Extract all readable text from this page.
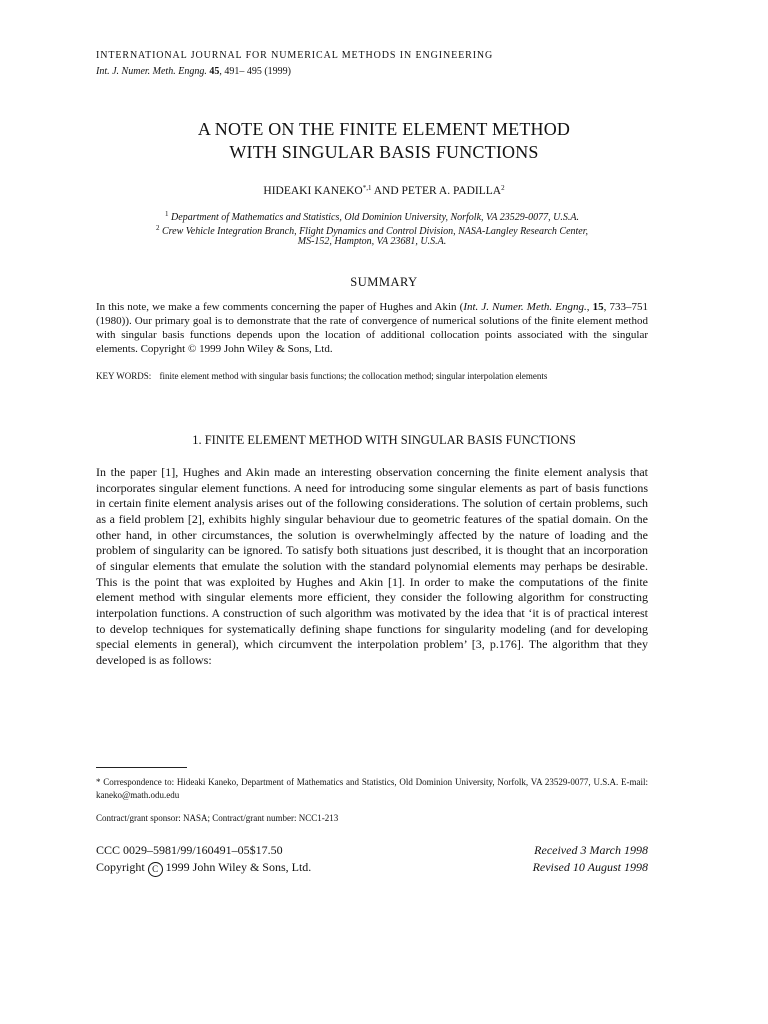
INTERNATIONAL JOURNAL FOR NUMERICAL METHODS IN ENGINEERING
Int. J. Numer. Meth. Engng. 45, 491– 495 (1999)
A NOTE ON THE FINITE ELEMENT METHOD
WITH SINGULAR BASIS FUNCTIONS
HIDEAKI $KANEKO^{*,1}$ AND PETER A. PADILLA$^2$
$^1$ Department of Mathematics and Statistics, Old Dominion University, Norfolk, VA 23529-0077, U.S.A.
$^2$ Crew Vehicle Integration Branch, Flight Dynamics and Control Division, NASA-Langley Research Center,
MS-152, Hampton, VA 23681, U.S.A.
SUMMARY
In this note, we make a few comments concerning the paper of Hughes and Akin (Int. J. Numer. Meth. Engng., 15, 733–751 (1980)). Our primary goal is to demonstrate that the rate of convergence of numerical solutions of the finite element method with singular basis functions depends upon the location of additional collocation points associated with the singular elements. Copyright © 1999 John Wiley & Sons, Ltd.
KEY WORDS: finite element method with singular basis functions; the collocation method; singular interpolation elements
1. FINITE ELEMENT METHOD WITH SINGULAR BASIS FUNCTIONS
In the paper [1], Hughes and Akin made an interesting observation concerning the finite element analysis that incorporates singular element functions. A need for introducing some singular elements as part of basis functions in certain finite element analysis arises out of the following considerations. The solution of certain problems, such as a field problem [2], exhibits highly singular behaviour due to geometric features of the spatial domain. On the other hand, in other circumstances, the solution is overwhelmingly affected by the nature of loading and the problem of singularity can be ignored. To satisfy both situations just described, it is thought that an incorporation of singular elements that emulate the solution with the standard polynomial elements may perhaps be desirable. This is the point that was exploited by Hughes and Akin [1]. In order to make the computations of the finite element method with singular elements more efficient, they consider the following algorithm for constructing interpolation functions. A construction of such algorithm was motivated by the idea that ‘it is of practical interest to develop techniques for systematically defining shape functions for singularity modeling (and for developing special elements in general), which circumvent the interpolation problem’ [3, p.176]. The algorithm that they developed is as follows:
* Correspondence to: Hideaki Kaneko, Department of Mathematics and Statistics, Old Dominion University, Norfolk, VA 23529-0077, U.S.A. E-mail: kaneko@math.odu.edu
Contract/grant sponsor: NASA; Contract/grant number: NCC1-213
CCC 0029–5981/99/160491–05$17.50
Copyright C 1999 John Wiley & Sons, Ltd.
Received 3 March 1998
Revised 10 August 1998
